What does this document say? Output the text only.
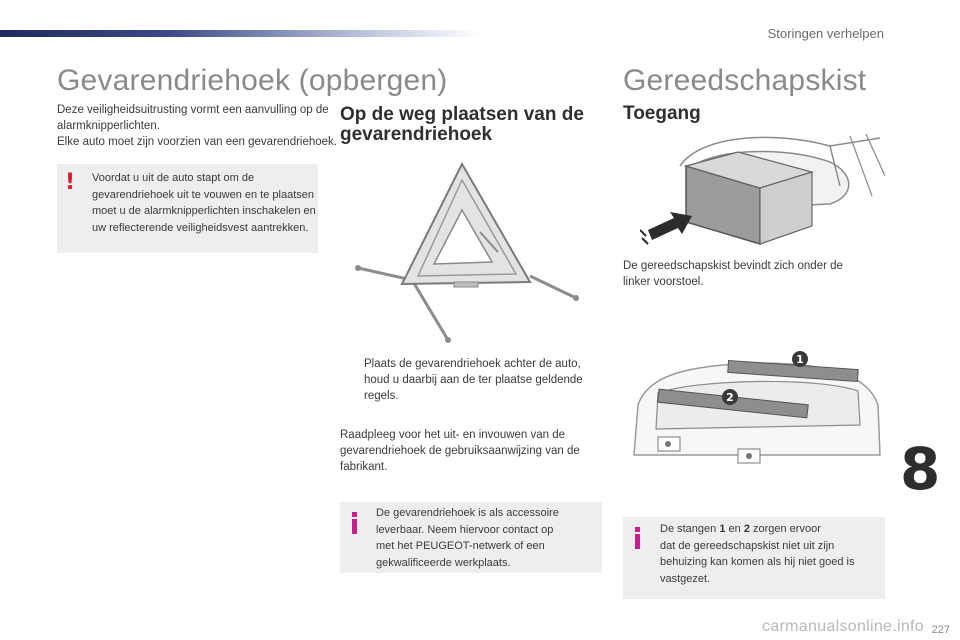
Storingen verhelpen
Gevarendriehoek (opbergen)

Deze veiligheidsuitrusting vormt een aanvulling op de

alarmknipperlichten.

Elke auto moet zijn voorzien van een gevarendriehoek.

! Voordat u uit de auto stapt om de
gevarendriehoek uit te vouwen en te plaatsen
moet u de alarmknipperlichten inschakelen en
uw reflecterende veiligheidsvest aantrekken.
Op de weg plaatsen van de
gevarendriehoek

Plaats de gevarendriehoek achter de auto,

houd u daarbij aan de ter plaatse geldende

regels.

Raadpleeg voor het uit- en invouwen van de

gevarendriehoek de gebruiksaanwijzing van de

fabrikant.

De gevarendriehoek is als accessoire
leverbaar. Neem hiervoor contact op
met het PEUGEOT-netwerk of een
gekwalificeerde werkplaats.
Gereedschapskist
Toegang

De gereedschapskist bevindt zich onder de

linker voorstoel.

1
2
De stangen 1 en 2 zorgen ervoor
dat de gereedschapskist niet uit zijn
behuizing kan komen als hij niet goed is
vastgezet.
8
carmanualsonline.info 227
